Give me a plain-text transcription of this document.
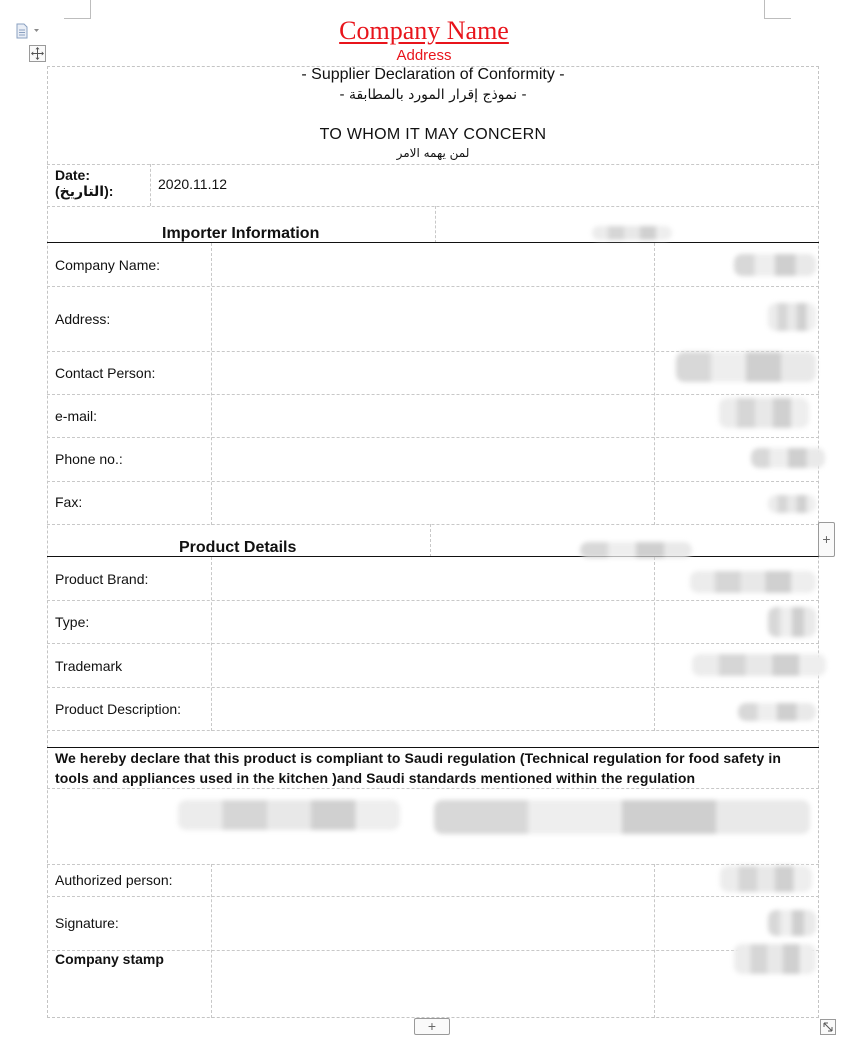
Company Name
Address
- Supplier Declaration of Conformity -
- نموذج إقرار المورد بالمطابقة -
TO WHOM IT MAY CONCERN
لمن يهمه الامر
Date:
(التاريخ):	2020.11.12
Importer Information
Company Name:
Address:
Contact Person:
e-mail:
Phone no.:
Fax:
Product Details
Product Brand:
Type:
Trademark
Product Description:
We hereby declare that this product is compliant to Saudi regulation (Technical regulation for food safety in tools and appliances used in the kitchen )and Saudi standards mentioned within the regulation
Authorized person:
Signature:
Company stamp
+
+
